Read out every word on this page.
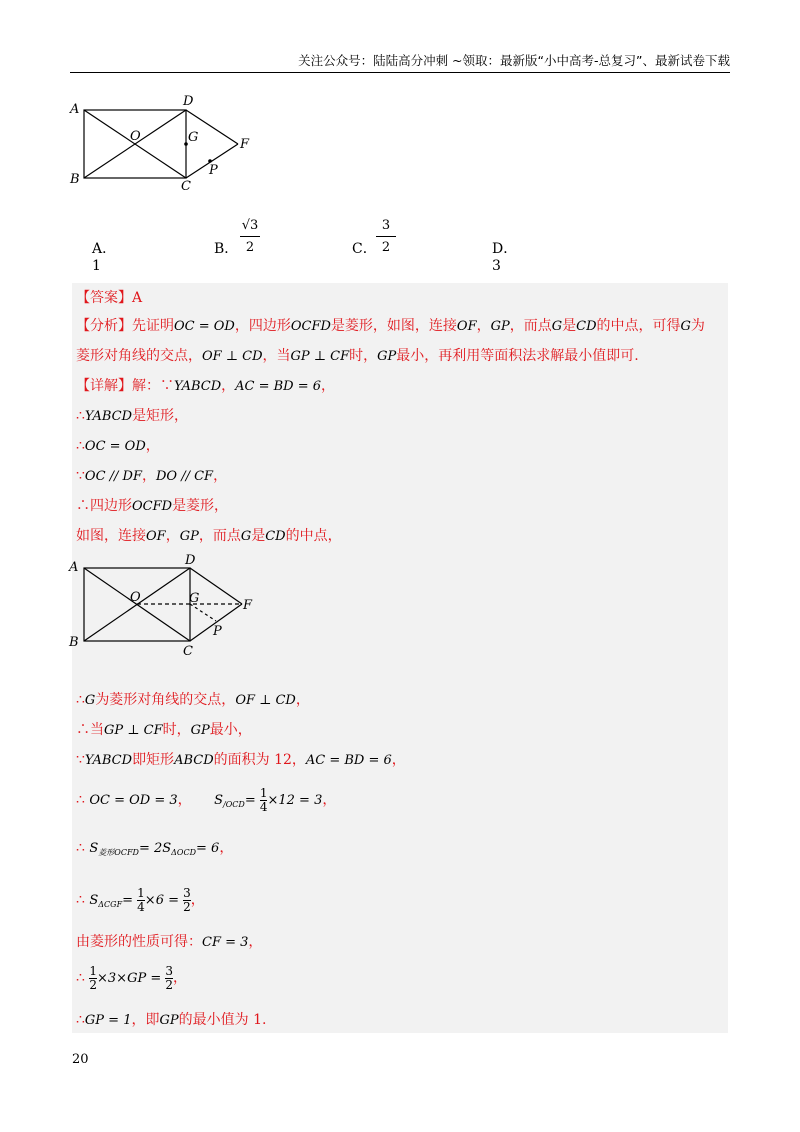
关注公众号：陆陆高分冲刺 ~领取：最新版“小中高考-总复习”、最新试卷下载
A
D
O	G	F
P
B	C
A．1
B．
√3
2	C．
3
2	D．3
【答案】A
【分析】先证明OC = OD，四边形OCFD是菱形，如图，连接OF，GP，而点G是CD的中点，可得G为
菱形对角线的交点，OF ⊥ CD，当GP ⊥ CF时，GP最小，再利用等面积法求解最小值即可.
【详解】解：∵YABCD，AC = BD = 6，
∴YABCD是矩形，
∴OC = OD，
∵OC // DF，DO // CF，
∴四边形OCFD是菱形，
如图，连接OF，GP，而点G是CD的中点，
A	D
O	G	F
P
B
C
∴G为菱形对角线的交点，OF ⊥ CD，
∴当GP ⊥ CF时，GP最小，
∵YABCD即矩形ABCD的面积为 12，AC = BD = 6，
∴ OC = OD = 3， $S_{/OCD}= \frac{1}{4}\times 12 = 3$，
∴ $S_{菱形OCFD}= 2S_{\Delta OCD}= 6$，
∴ $S_{\Delta CGF}= \frac{1}{4}\times 6 = \frac{3}{2}$，
由菱形的性质可得：CF = 3，
∴ $\frac{1}{2}\times 3\times GP = \frac{3}{2}$，
∴GP = 1，即GP的最小值为 1.
20
